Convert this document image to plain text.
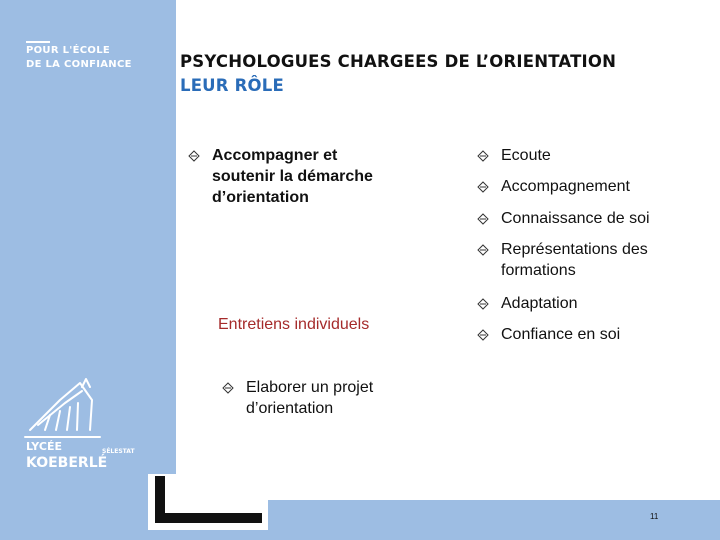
POUR L'ÉCOLE
DE LA CONFIANCE
LYCÉE
KOEBERLÉ
SÉLESTAT
PSYCHOLOGUES CHARGEES DE L’ORIENTATION
LEUR RÔLE
Accompagner et soutenir la démarche d’orientation
Entretiens individuels
Ecoute
Accompagnement
Connaissance de soi
Représentations des formations
Adaptation
Confiance en soi
Elaborer un projet d’orientation
11
